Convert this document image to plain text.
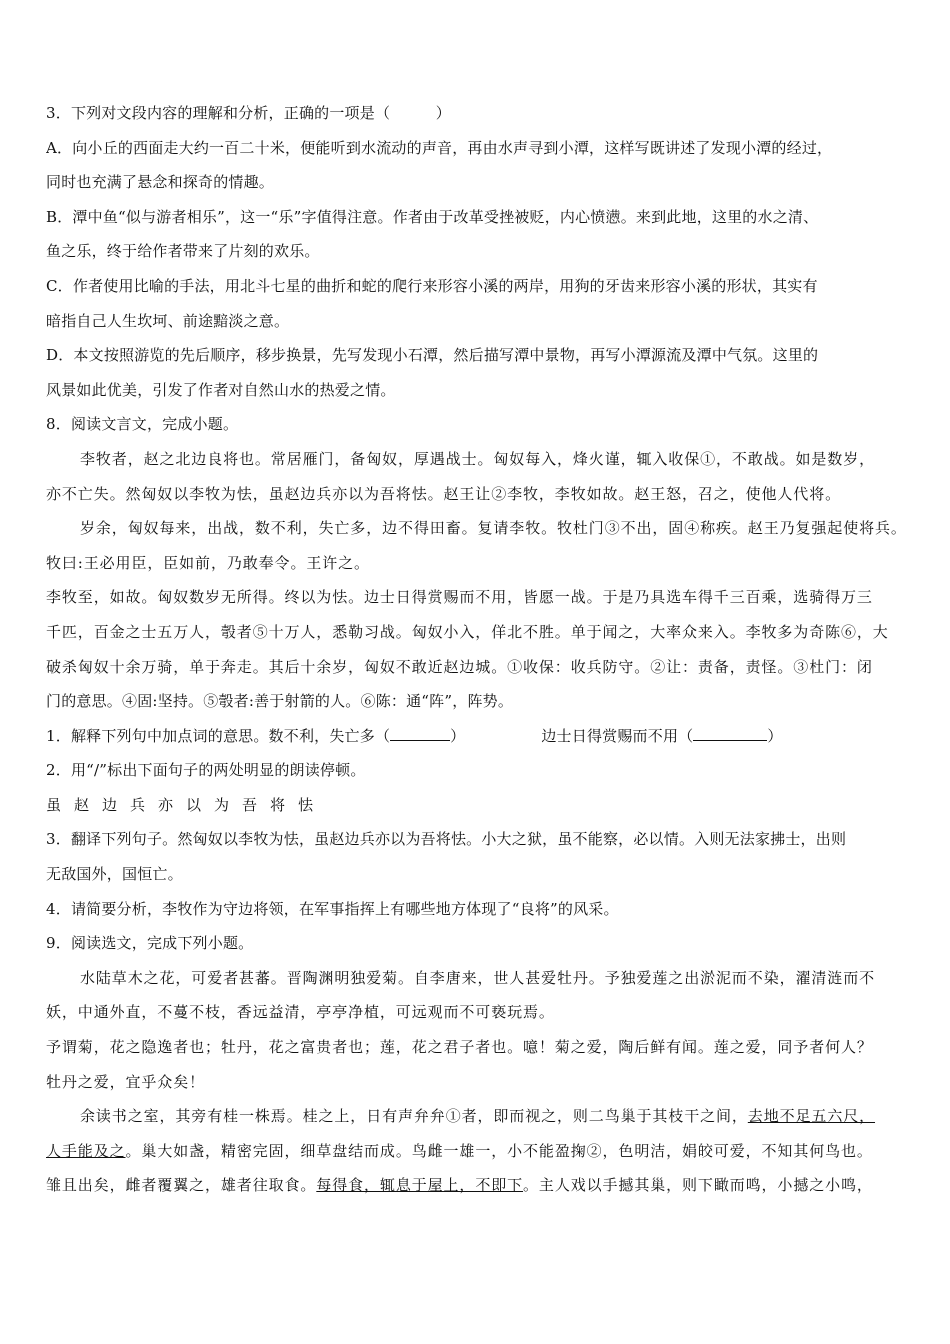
3．下列对文段内容的理解和分析，正确的一项是（　　　）
A．向小丘的西面走大约一百二十米，便能听到水流动的声音，再由水声寻到小潭，这样写既讲述了发现小潭的经过，
同时也充满了悬念和探奇的情趣。
B．潭中鱼“似与游者相乐”，这一“乐”字值得注意。作者由于改革受挫被贬，内心愤懑。来到此地，这里的水之清、
鱼之乐，终于给作者带来了片刻的欢乐。
C．作者使用比喻的手法，用北斗七星的曲折和蛇的爬行来形容小溪的两岸，用狗的牙齿来形容小溪的形状，其实有
暗指自己人生坎坷、前途黯淡之意。
D．本文按照游览的先后顺序，移步换景，先写发现小石潭，然后描写潭中景物，再写小潭源流及潭中气氛。这里的
风景如此优美，引发了作者对自然山水的热爱之情。
8．阅读文言文，完成小题。
李牧者，赵之北边良将也。常居雁门，备匈奴，厚遇战士。匈奴每入，烽火谨，辄入收保①，不敢战。如是数岁，
亦不亡失。然匈奴以李牧为怯，虽赵边兵亦以为吾将怯。赵王让②李牧，李牧如故。赵王怒，召之，使他人代将。
岁余，匈奴每来，出战，数不利，失亡多，边不得田畜。复请李牧。牧杜门③不出，固④称疾。赵王乃复强起使将兵。
牧曰:王必用臣，臣如前，乃敢奉令。王许之。
李牧至，如故。匈奴数岁无所得。终以为怯。边士日得赏赐而不用，皆愿一战。于是乃具选车得千三百乘，选骑得万三
千匹，百金之士五万人，彀者⑤十万人，悉勒习战。匈奴小入，佯北不胜。单于闻之，大率众来入。李牧多为奇陈⑥，大
破杀匈奴十余万骑，单于奔走。其后十余岁，匈奴不敢近赵边城。①收保：收兵防守。②让：责备，责怪。③杜门：闭
门的意思。④固:坚持。⑤彀者:善于射箭的人。⑥陈：通“阵”，阵势。
1．解释下列句中加点词的意思。数不利，失亡多（	）	边士日得赏赐而不用（	）
2．用“/”标出下面句子的两处明显的朗读停顿。
虽赵边兵亦以为吾将怯
3．翻译下列句子。然匈奴以李牧为怯，虽赵边兵亦以为吾将怯。小大之狱，虽不能察，必以情。入则无法家拂士，出则
无敌国外，国恒亡。
4．请简要分析，李牧作为守边将领，在军事指挥上有哪些地方体现了“良将”的风采。
9．阅读选文，完成下列小题。
水陆草木之花，可爱者甚蕃。晋陶渊明独爱菊。自李唐来，世人甚爱牡丹。予独爱莲之出淤泥而不染，濯清涟而不
妖，中通外直，不蔓不枝，香远益清，亭亭净植，可远观而不可亵玩焉。
予谓菊，花之隐逸者也；牡丹，花之富贵者也；莲，花之君子者也。噫！菊之爱，陶后鲜有闻。莲之爱，同予者何人？
牡丹之爱，宜乎众矣！
余读书之室，其旁有桂一株焉。桂之上，日有声弁弁①者，即而视之，则二鸟巢于其枝干之间，去地不足五六尺，
人手能及之。巢大如盏，精密完固，细草盘结而成。鸟雌一雄一，小不能盈掬②，色明洁，娟皎可爱，不知其何鸟也。
雏且出矣，雌者覆翼之，雄者往取食。每得食，辄息于屋上，不即下。主人戏以手撼其巢，则下瞰而鸣，小撼之小鸣，
